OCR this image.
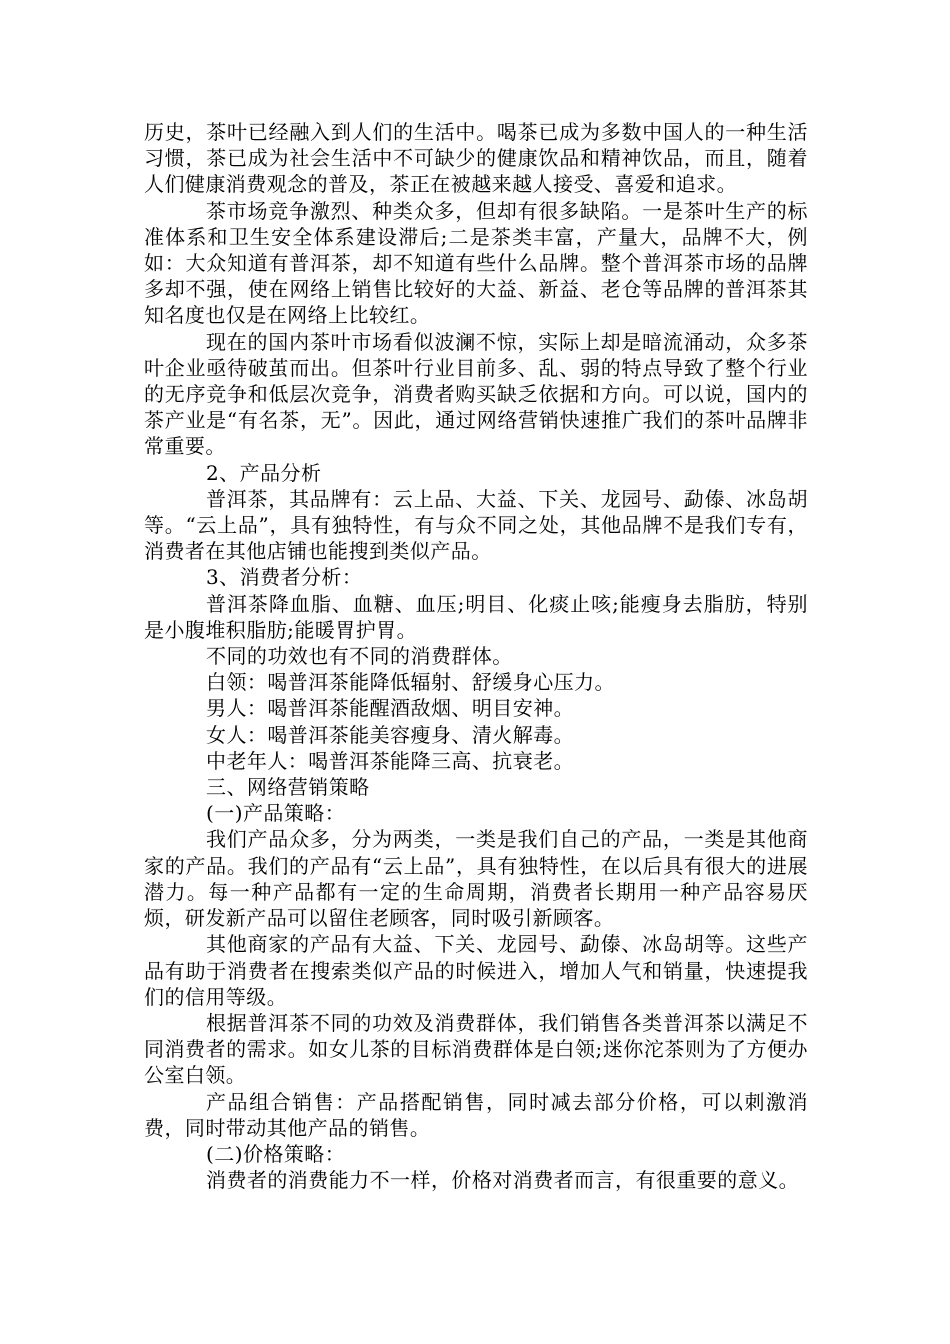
历史，茶叶已经融入到人们的生活中。喝茶已成为多数中国人的一种生活习惯，茶已成为社会生活中不可缺少的健康饮品和精神饮品，而且，随着人们健康消费观念的普及，茶正在被越来越人接受、喜爱和追求。

茶市场竞争激烈、种类众多，但却有很多缺陷。一是茶叶生产的标准体系和卫生安全体系建设滞后;二是茶类丰富，产量大，品牌不大，例如：大众知道有普洱茶，却不知道有些什么品牌。整个普洱茶市场的品牌多却不强，使在网络上销售比较好的大益、新益、老仓等品牌的普洱茶其知名度也仅是在网络上比较红。

现在的国内茶叶市场看似波澜不惊，实际上却是暗流涌动，众多茶叶企业亟待破茧而出。但茶叶行业目前多、乱、弱的特点导致了整个行业的无序竞争和低层次竞争，消费者购买缺乏依据和方向。可以说，国内的茶产业是“有名茶，无”。因此，通过网络营销快速推广我们的茶叶品牌非常重要。

2、产品分析

普洱茶，其品牌有：云上品、大益、下关、龙园号、勐傣、冰岛胡等。“云上品”，具有独特性，有与众不同之处，其他品牌不是我们专有，消费者在其他店铺也能搜到类似产品。

3、消费者分析：

普洱茶降血脂、血糖、血压;明目、化痰止咳;能瘦身去脂肪，特别是小腹堆积脂肪;能暖胃护胃。

不同的功效也有不同的消费群体。

白领：喝普洱茶能降低辐射、舒缓身心压力。

男人：喝普洱茶能醒酒敌烟、明目安神。

女人：喝普洱茶能美容瘦身、清火解毒。

中老年人：喝普洱茶能降三高、抗衰老。

三、网络营销策略

(一)产品策略：

我们产品众多，分为两类，一类是我们自己的产品，一类是其他商家的产品。我们的产品有“云上品”，具有独特性，在以后具有很大的进展潜力。每一种产品都有一定的生命周期，消费者长期用一种产品容易厌烦，研发新产品可以留住老顾客，同时吸引新顾客。

其他商家的产品有大益、下关、龙园号、勐傣、冰岛胡等。这些产品有助于消费者在搜索类似产品的时候进入，增加人气和销量，快速提我们的信用等级。

根据普洱茶不同的功效及消费群体，我们销售各类普洱茶以满足不同消费者的需求。如女儿茶的目标消费群体是白领;迷你沱茶则为了方便办公室白领。

产品组合销售：产品搭配销售，同时减去部分价格，可以刺激消费，同时带动其他产品的销售。

(二)价格策略：

消费者的消费能力不一样，价格对消费者而言，有很重要的意义。
